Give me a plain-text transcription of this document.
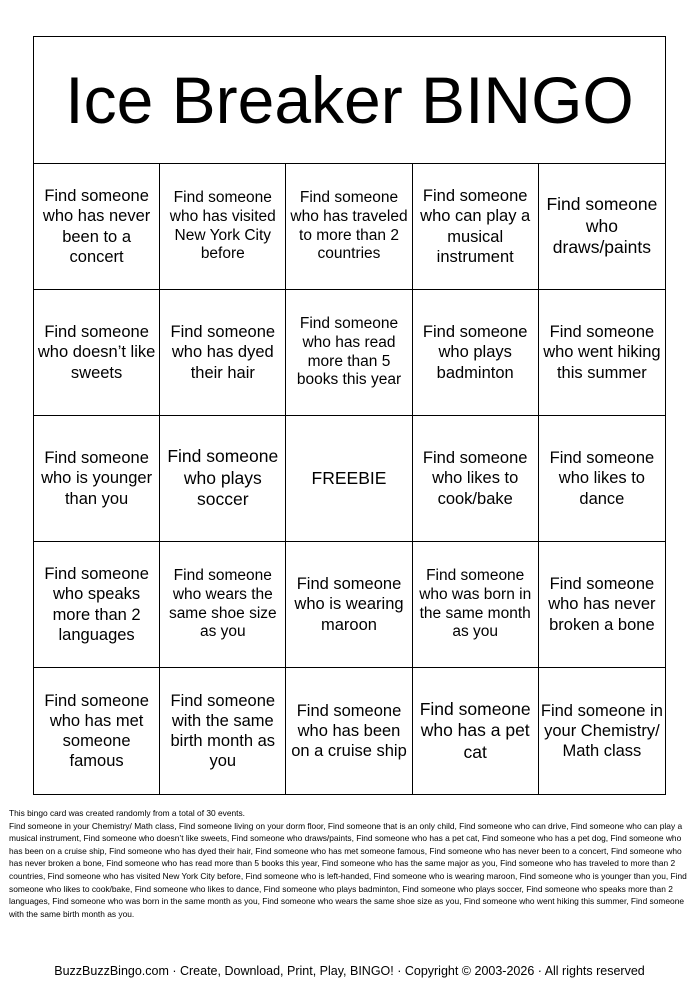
Ice Breaker BINGO
Find someone who has never been to a concert
Find someone who has visited New York City before
Find someone who has traveled to more than 2 countries
Find someone who can play a musical instrument
Find someone who draws/paints
Find someone who doesn’t like sweets
Find someone who has dyed their hair
Find someone who has read more than 5 books this year
Find someone who plays badminton
Find someone who went hiking this summer
Find someone who is younger than you
Find someone who plays soccer
FREEBIE
Find someone who likes to cook/bake
Find someone who likes to dance
Find someone who speaks more than 2 languages
Find someone who wears the same shoe size as you
Find someone who is wearing maroon
Find someone who was born in the same month as you
Find someone who has never broken a bone
Find someone who has met someone famous
Find someone with the same birth month as you
Find someone who has been on a cruise ship
Find someone who has a pet cat
Find someone in your Chemistry/ Math class

This bingo card was created randomly from a total of 30 events.

Find someone in your Chemistry/ Math class, Find someone living on your dorm floor, Find someone that is an only child, Find someone who can drive, Find someone who can play a musical instrument, Find someone who doesn’t like sweets, Find someone who draws/paints, Find someone who has a pet cat, Find someone who has a pet dog, Find someone who has been on a cruise ship, Find someone who has dyed their hair, Find someone who has met someone famous, Find someone who has never been to a concert, Find someone who has never broken a bone, Find someone who has read more than 5 books this year, Find someone who has the same major as you, Find someone who has traveled to more than 2 countries, Find someone who has visited New York City before, Find someone who is left-handed, Find someone who is wearing maroon, Find someone who is younger than you, Find someone who likes to cook/bake, Find someone who likes to dance, Find someone who plays badminton, Find someone who plays soccer, Find someone who speaks more than 2 languages, Find someone who was born in the same month as you, Find someone who wears the same shoe size as you, Find someone who went hiking this summer, Find someone with the same birth month as you.

BuzzBuzzBingo.com · Create, Download, Print, Play, BINGO! · Copyright © 2003-2026 · All rights reserved
